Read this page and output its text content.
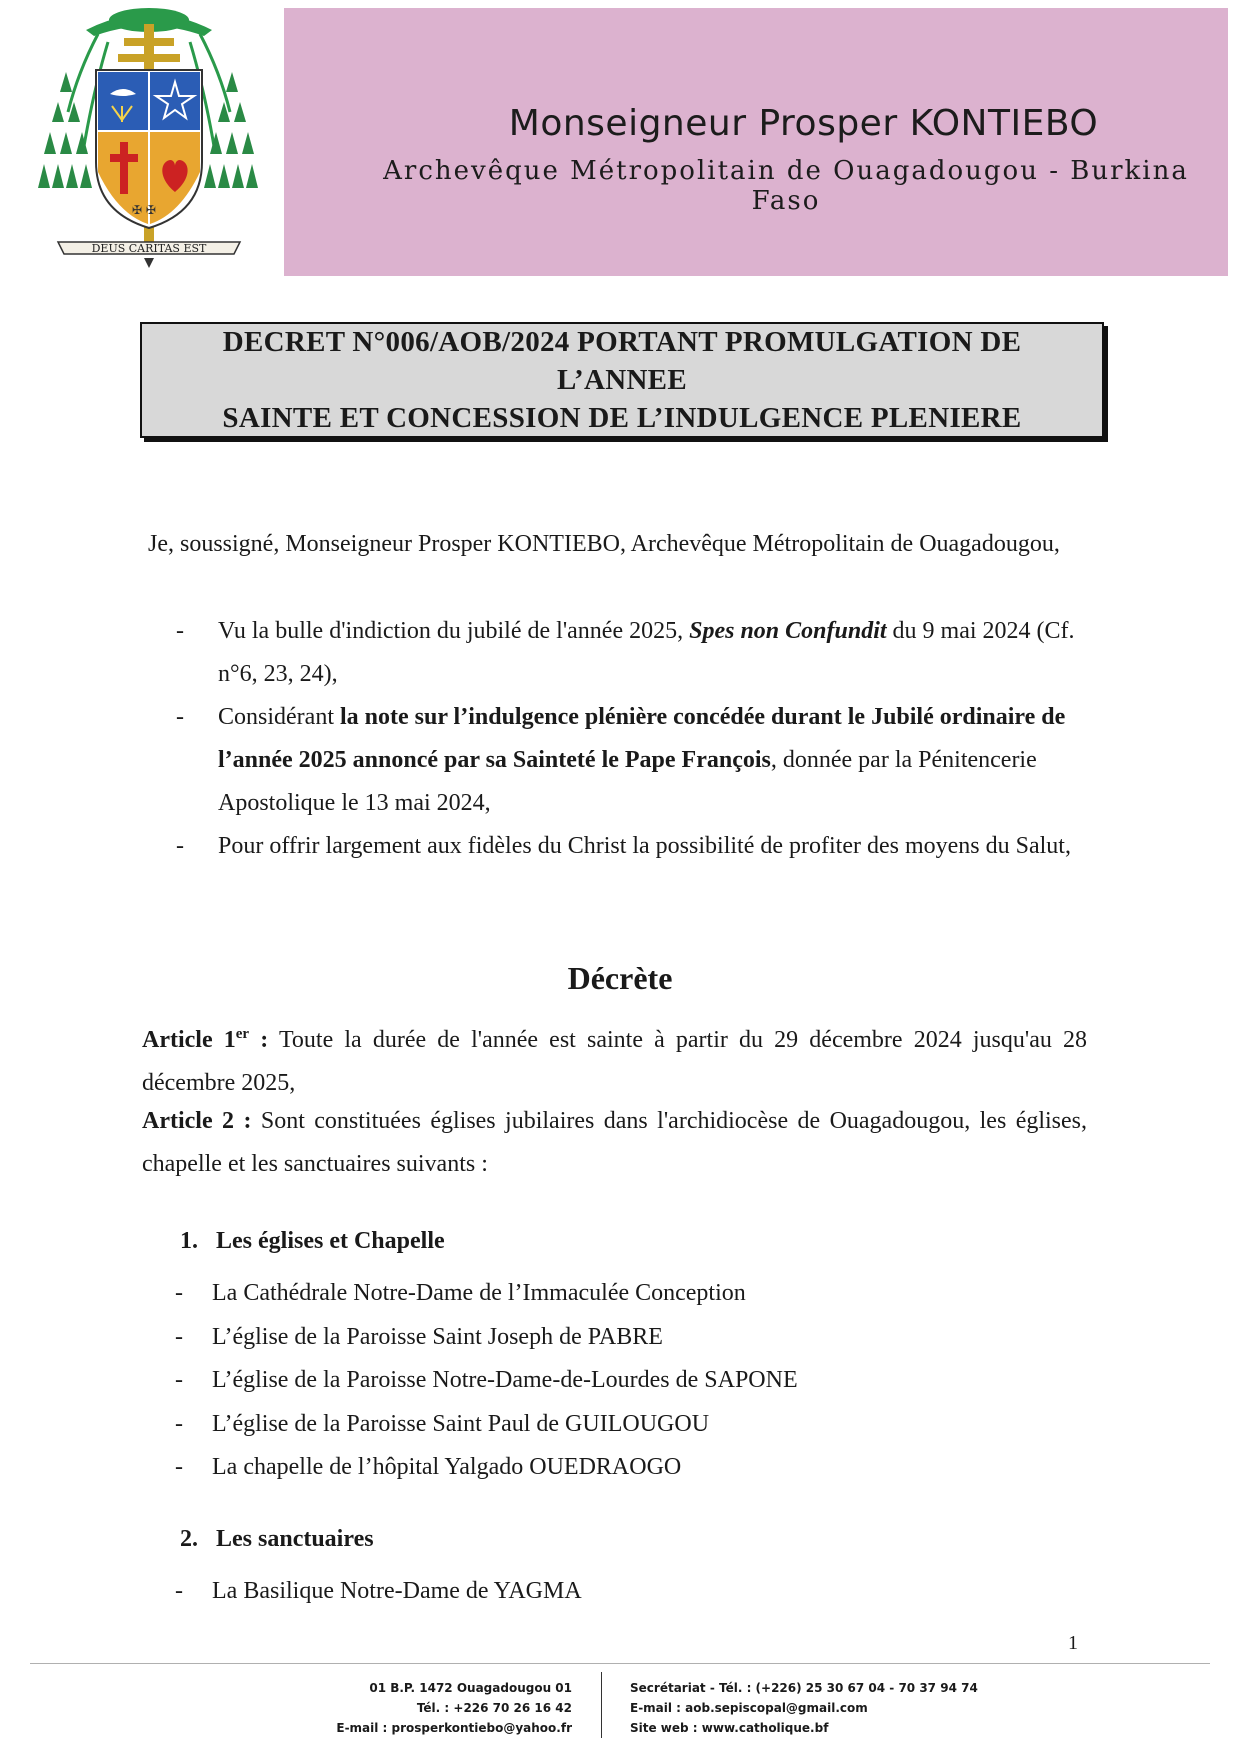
✠ ✠
DEUS CARITAS EST
Monseigneur Prosper KONTIEBO
Archevêque Métropolitain de Ouagadougou - Burkina Faso
DECRET N°006/AOB/2024 PORTANT PROMULGATION DE L’ANNEE
SAINTE ET CONCESSION DE L’INDULGENCE PLENIERE
Je, soussigné, Monseigneur Prosper KONTIEBO, Archevêque Métropolitain de Ouagadougou,
- Vu la bulle d'indiction du jubilé de l'année 2025, Spes non Confundit du 9 mai 2024 (Cf. n°6, 23, 24),
- Considérant la note sur l’indulgence plénière concédée durant le Jubilé ordinaire de l’année 2025 annoncé par sa Sainteté le Pape François, donnée par la Pénitencerie Apostolique le 13 mai 2024,
- Pour offrir largement aux fidèles du Christ la possibilité de profiter des moyens du Salut,
Décrète
Article 1er : Toute la durée de l'année est sainte à partir du 29 décembre 2024 jusqu'au 28 décembre 2025,
Article 2 : Sont constituées églises jubilaires dans l'archidiocèse de Ouagadougou, les églises, chapelle et les sanctuaires suivants :
1.   Les églises et Chapelle
- La Cathédrale Notre-Dame de l’Immaculée Conception
- L’église de la Paroisse Saint Joseph de PABRE
- L’église de la Paroisse Notre-Dame-de-Lourdes de SAPONE
- L’église de la Paroisse Saint Paul de GUILOUGOU
- La chapelle de l’hôpital Yalgado OUEDRAOGO
2.   Les sanctuaires
- La Basilique Notre-Dame de YAGMA
1
01 B.P. 1472 Ouagadougou 01
Tél. : +226 70 26 16 42
E-mail : prosperkontiebo@yahoo.fr
Secrétariat - Tél. : (+226) 25 30 67 04 - 70 37 94 74
E-mail : aob.sepiscopal@gmail.com
Site web : www.catholique.bf
